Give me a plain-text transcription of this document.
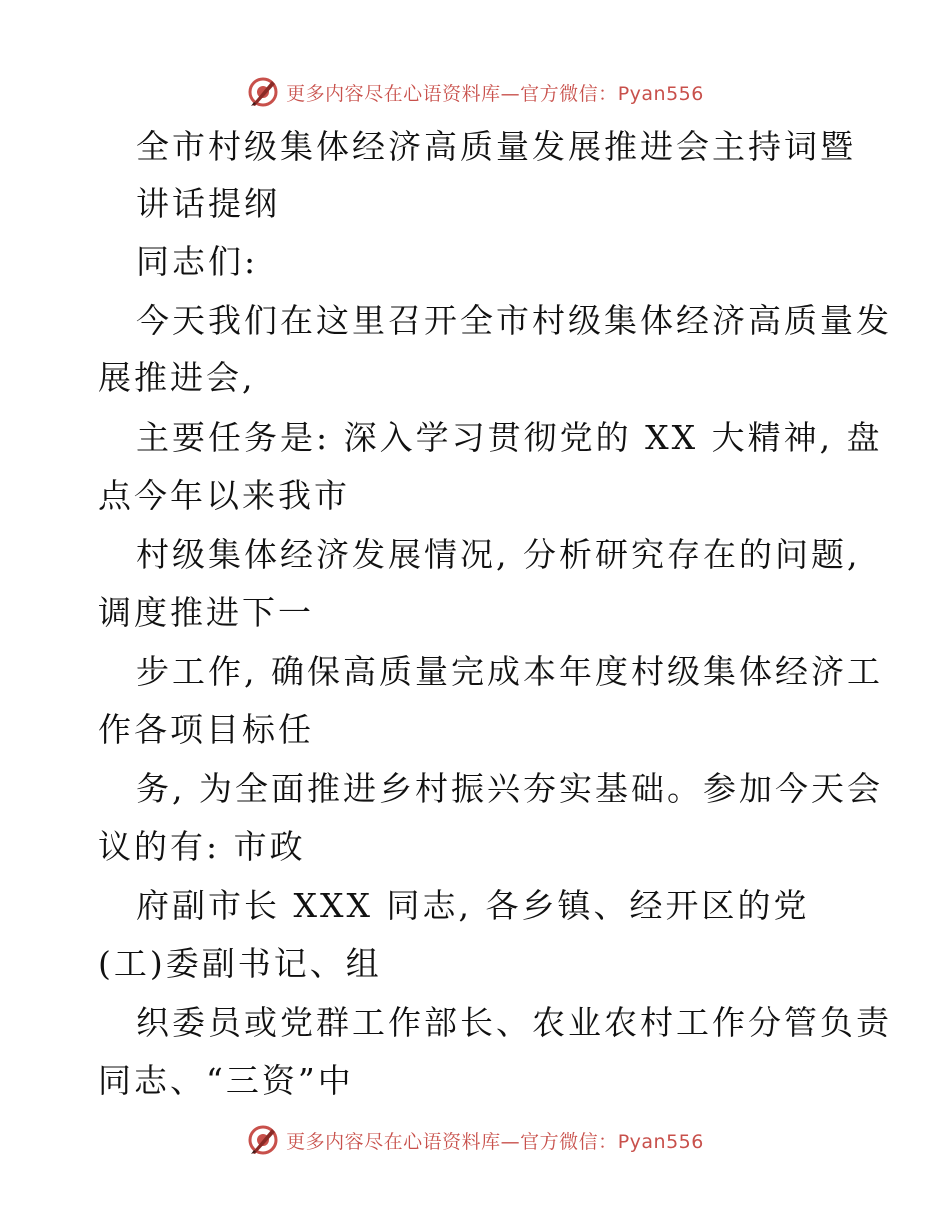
更多内容尽在心语资料库—官方微信：Pyan556
全市村级集体经济高质量发展推进会主持词暨
讲话提纲
同志们:
今天我们在这里召开全市村级集体经济高质量发
展推进会,
主要任务是: 深入学习贯彻党的 XX 大精神, 盘
点今年以来我市
村级集体经济发展情况, 分析研究存在的问题,
调度推进下一
步工作, 确保高质量完成本年度村级集体经济工
作各项目标任
务, 为全面推进乡村振兴夯实基础。参加今天会
议的有: 市政
府副市长 XXX 同志, 各乡镇、经开区的党
(工)委副书记、组
织委员或党群工作部长、农业农村工作分管负责
同志、“三资”中
更多内容尽在心语资料库—官方微信：Pyan556
